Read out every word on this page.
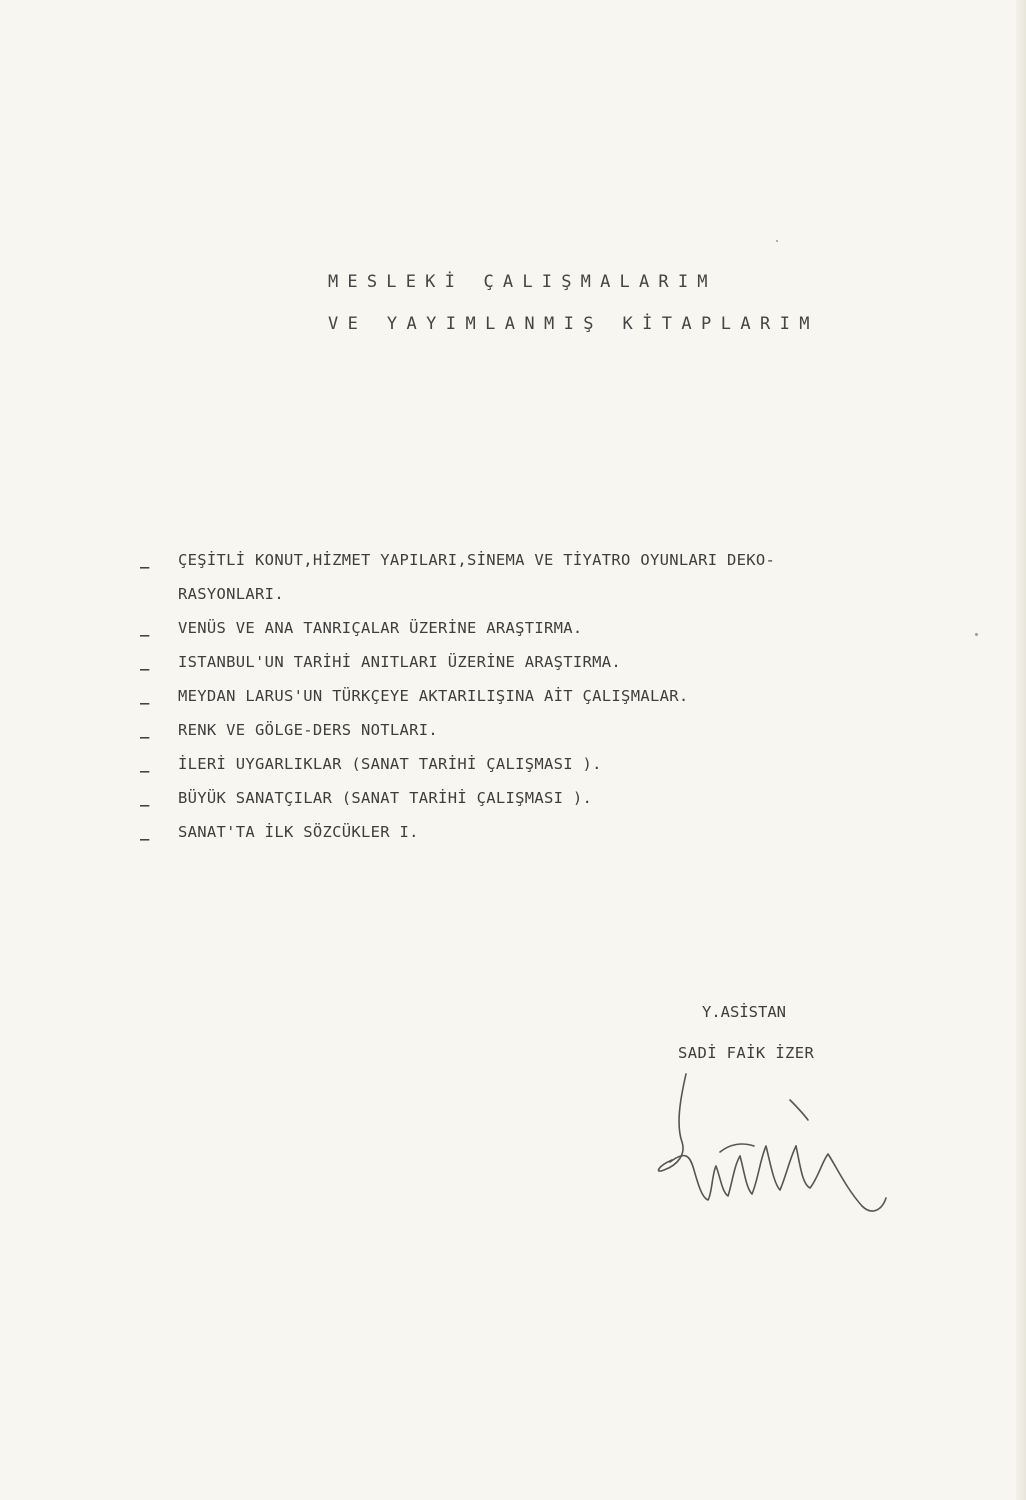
MESLEKİ ÇALIŞMALARIM
VE YAYIMLANMIŞ KİTAPLARIM
_	ÇEŞİTLİ KONUT,HİZMET YAPILARI,SİNEMA VE TİYATRO OYUNLARI DEKO-
RASYONLARI.
_	VENÜS VE ANA TANRIÇALAR ÜZERİNE ARAŞTIRMA.
_	ISTANBUL'UN TARİHİ ANITLARI ÜZERİNE ARAŞTIRMA.
_	MEYDAN LARUS'UN TÜRKÇEYE AKTARILIŞINA AİT ÇALIŞMALAR.
_	RENK VE GÖLGE-DERS NOTLARI.
_	İLERİ UYGARLIKLAR (SANAT TARİHİ ÇALIŞMASI ).
_	BÜYÜK SANATÇILAR (SANAT TARİHİ ÇALIŞMASI ).
_	SANAT'TA İLK SÖZCÜKLER I.
Y.ASİSTAN
SADİ FAİK İZER
